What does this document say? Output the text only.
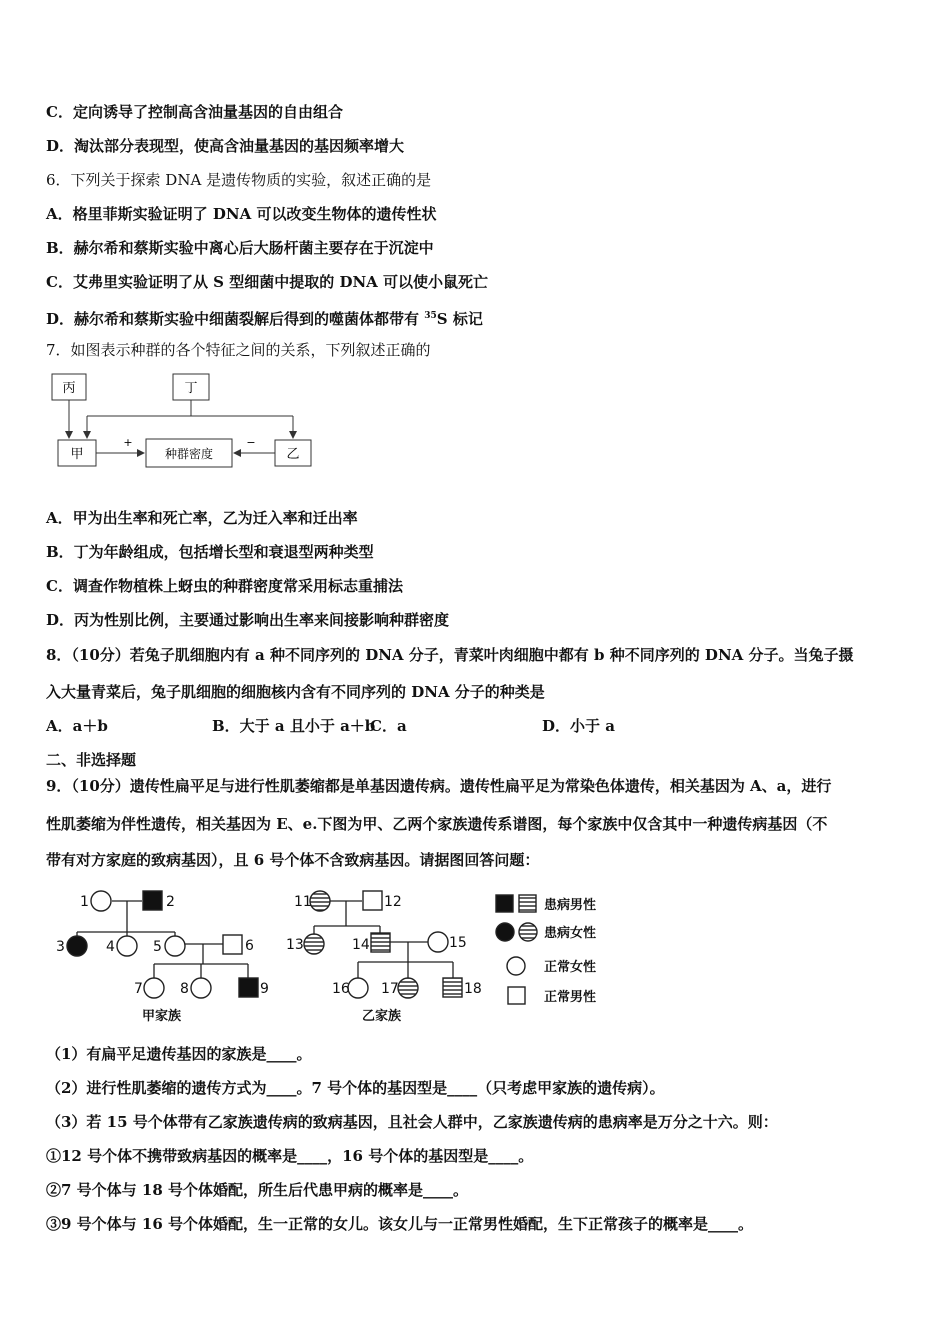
C．定向诱导了控制高含油量基因的自由组合
D．淘汰部分表现型，使高含油量基因的基因频率增大
6．下列关于探索 DNA 是遗传物质的实验，叙述正确的是
A．格里菲斯实验证明了 DNA 可以改变生物体的遗传性状
B．赫尔希和蔡斯实验中离心后大肠杆菌主要存在于沉淀中
C．艾弗里实验证明了从 S 型细菌中提取的 DNA 可以使小鼠死亡
D．赫尔希和蔡斯实验中细菌裂解后得到的噬菌体都带有 $^{35}$S 标记
7．如图表示种群的各个特征之间的关系，下列叙述正确的
丙	丁
甲	种群密度	乙
+	−
A．甲为出生率和死亡率，乙为迁入率和迁出率
B．丁为年龄组成，包括增长型和衰退型两种类型
C．调查作物植株上蚜虫的种群密度常采用标志重捕法
D．丙为性别比例，主要通过影响出生率来间接影响种群密度
8．（10分）若兔子肌细胞内有 a 种不同序列的 DNA 分子，青菜叶肉细胞中都有 b 种不同序列的 DNA 分子。当兔子摄
入大量青菜后，兔子肌细胞的细胞核内含有不同序列的 DNA 分子的种类是
A．a＋b	B．大于 a 且小于 a＋b
C．a	D．小于 a
二、非选择题
9．（10分）遗传性扁平足与进行性肌萎缩都是单基因遗传病。遗传性扁平足为常染色体遗传，相关基因为 A、a，进行
性肌萎缩为伴性遗传，相关基因为 E、e.下图为甲、乙两个家族遗传系谱图，每个家族中仅含其中一种遗传病基因（不
带有对方家庭的致病基因），且 6 号个体不含致病基因。请据图回答问题：
1	2
3	4	5	6
7	8	9
11	12
13	14	15
16 17	18
甲家族	乙家族
患病男性
患病女性
正常女性
正常男性
（1）有扁平足遗传基因的家族是____。
（2）进行性肌萎缩的遗传方式为____。7 号个体的基因型是____（只考虑甲家族的遗传病）。
（3）若 15 号个体带有乙家族遗传病的致病基因，且社会人群中，乙家族遗传病的患病率是万分之十六。则：
①12 号个体不携带致病基因的概率是____，16 号个体的基因型是____。
②7 号个体与 18 号个体婚配，所生后代患甲病的概率是____。
③9 号个体与 16 号个体婚配，生一正常的女儿。该女儿与一正常男性婚配，生下正常孩子的概率是____。
